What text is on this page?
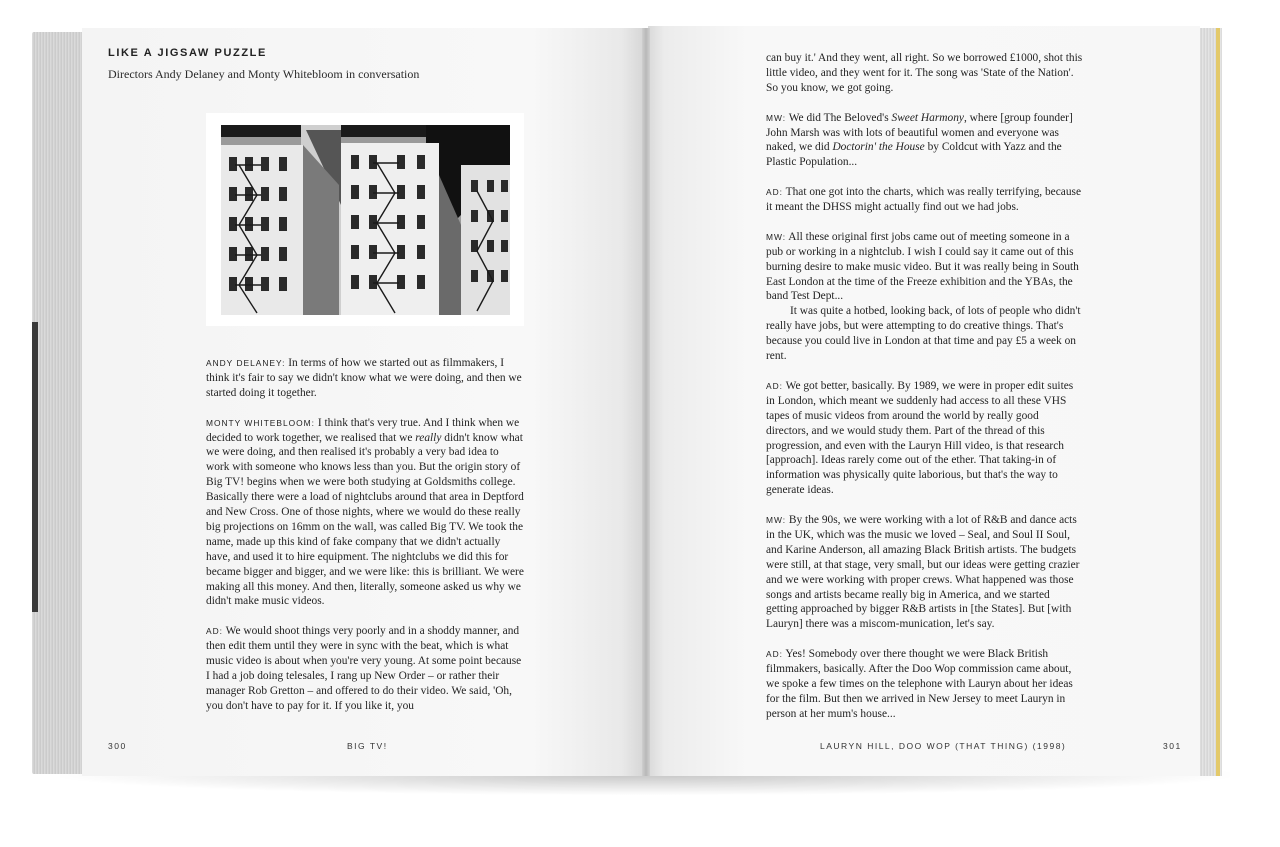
LIKE A JIGSAW PUZZLE
Directors Andy Delaney and Monty Whitebloom in conversation

ANDY DELANEY: In terms of how we started out as filmmakers, I think it's fair to say we didn't know what we were doing, and then we started doing it together.

MONTY WHITEBLOOM: I think that's very true. And I think when we decided to work together, we realised that we really didn't know what we were doing, and then realised it's probably a very bad idea to work with someone who knows less than you. But the origin story of Big TV! begins when we were both studying at Goldsmiths college. Basically there were a load of nightclubs around that area in Deptford and New Cross. One of those nights, where we would do these really big projections on 16mm on the wall, was called Big TV. We took the name, made up this kind of fake company that we didn't actually have, and used it to hire equipment. The nightclubs we did this for became bigger and bigger, and we were like: this is brilliant. We were making all this money. And then, literally, someone asked us why we didn't make music videos.

AD: We would shoot things very poorly and in a shoddy manner, and then edit them until they were in sync with the beat, which is what music video is about when you're very young. At some point because I had a job doing telesales, I rang up New Order – or rather their manager Rob Gretton – and offered to do their video. We said, 'Oh, you don't have to pay for it. If you like it, you

can buy it.' And they went, all right. So we borrowed £1000, shot this little video, and they went for it. The song was 'State of the Nation'. So you know, we got going.

MW: We did The Beloved's Sweet Harmony, where [group founder] John Marsh was with lots of beautiful women and everyone was naked, we did Doctorin' the House by Coldcut with Yazz and the Plastic Population...

AD: That one got into the charts, which was really terrifying, because it meant the DHSS might actually find out we had jobs.

MW: All these original first jobs came out of meeting someone in a pub or working in a nightclub. I wish I could say it came out of this burning desire to make music video. But it was really being in South East London at the time of the Freeze exhibition and the YBAs, the band Test Dept...

It was quite a hotbed, looking back, of lots of people who didn't really have jobs, but were attempting to do creative things. That's because you could live in London at that time and pay £5 a week on rent.

AD: We got better, basically. By 1989, we were in proper edit suites in London, which meant we suddenly had access to all these VHS tapes of music videos from around the world by really good directors, and we would study them. Part of the thread of this progression, and even with the Lauryn Hill video, is that research [approach]. Ideas rarely come out of the ether. That taking-in of information was physically quite laborious, but that's the way to generate ideas.

MW: By the 90s, we were working with a lot of R&B and dance acts in the UK, which was the music we loved – Seal, and Soul II Soul, and Karine Anderson, all amazing Black British artists. The budgets were still, at that stage, very small, but our ideas were getting crazier and we were working with proper crews. What happened was those songs and artists became really big in America, and we started getting approached by bigger R&B artists in [the States]. But [with Lauryn] there was a miscom-munication, let's say.

AD: Yes! Somebody over there thought we were Black British filmmakers, basically. After the Doo Wop commission came about, we spoke a few times on the telephone with Lauryn about her ideas for the film. But then we arrived in New Jersey to meet Lauryn in person at her mum's house...

300	BIG TV!	LAURYN HILL, DOO WOP (THAT THING) (1998)	301
